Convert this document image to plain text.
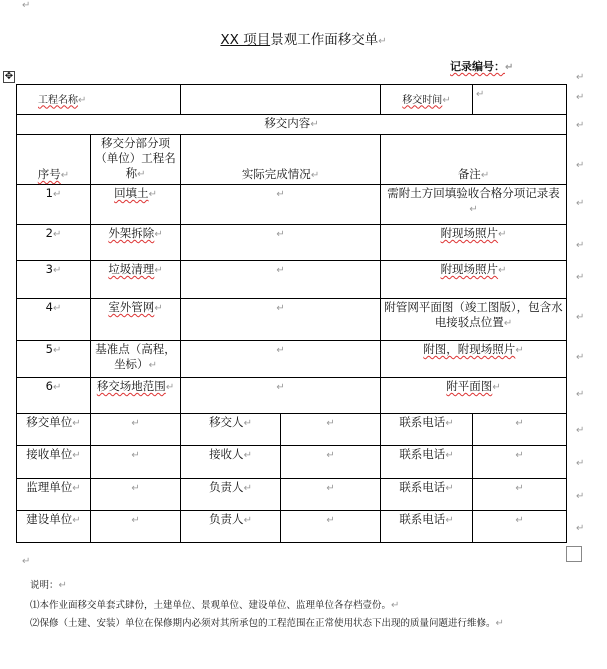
↵
XX 项目景观工作面移交单↵
记录编号：↵
✥
工程名称↵				移交时间↵	↵
移交内容↵					
序号↵	移交分部分项（单位）工程名称↵	实际完成情况↵		备注↵	
1↵	回填土↵	↵		需附土方回填验收合格分项记录表↵	
2↵	外架拆除↵	↵		附现场照片↵	
3↵	垃圾清理↵	↵		附现场照片↵	
4↵	室外管网↵	↵		附管网平面图（竣工图版），包含水电接驳点位置↵	
5↵	基准点（高程，坐标）↵	↵		附图，附现场照片↵	
6↵	移交场地范围↵	↵		附平面图↵	
移交单位↵	↵	移交人↵	↵	联系电话↵	↵
接收单位↵	↵	接收人↵	↵	联系电话↵	↵
监理单位↵	↵	负责人↵	↵	联系电话↵	↵
建设单位↵	↵	负责人↵	↵	联系电话↵	↵
↵
↵
↵
↵
↵
↵
↵
↵
↵
↵
↵
↵
↵
↵
↵
说明：↵
⑴本作业面移交单套式肆份，土建单位、景观单位、建设单位、监理单位各存档壹份。↵
⑵保修（土建、安装）单位在保修期内必须对其所承包的工程范围在正常使用状态下出现的质量问题进行维修。↵
